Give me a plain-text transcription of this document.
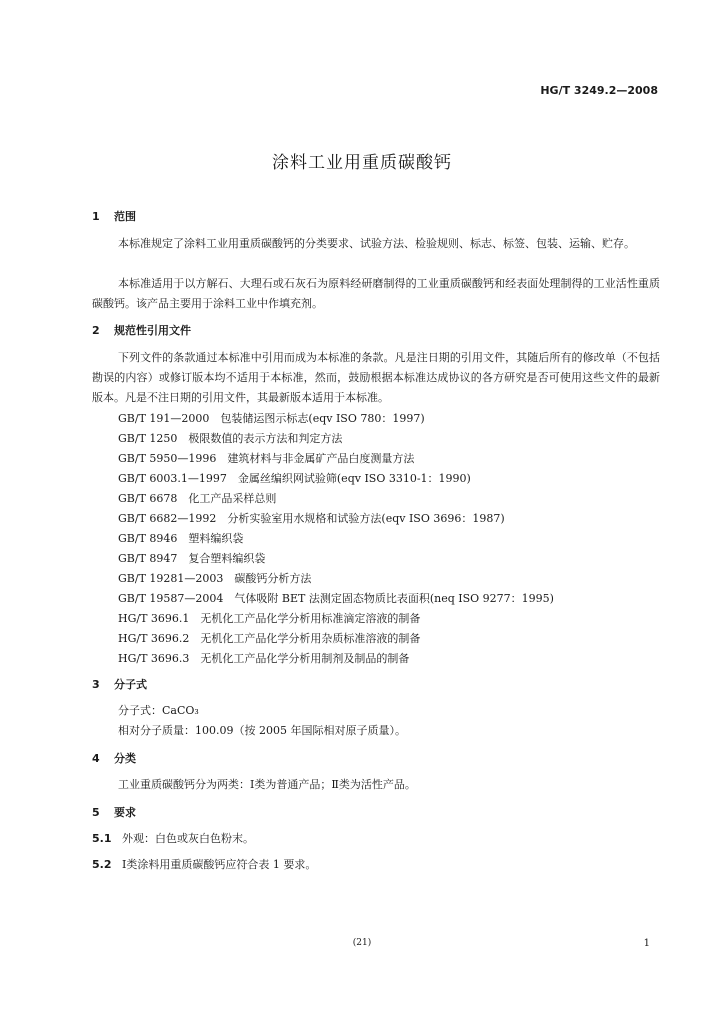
HG/T 3249.2—2008
涂料工业用重质碳酸钙
1 范围
本标准规定了涂料工业用重质碳酸钙的分类要求、试验方法、检验规则、标志、标签、包装、运输、贮存。
本标准适用于以方解石、大理石或石灰石为原料经研磨制得的工业重质碳酸钙和经表面处理制得的工业活性重质碳酸钙。该产品主要用于涂料工业中作填充剂。
2 规范性引用文件
下列文件的条款通过本标准中引用而成为本标准的条款。凡是注日期的引用文件，其随后所有的修改单（不包括勘误的内容）或修订版本均不适用于本标准，然而，鼓励根据本标准达成协议的各方研究是否可使用这些文件的最新版本。凡是不注日期的引用文件，其最新版本适用于本标准。
GB/T 191—2000　包装储运图示标志(eqv ISO 780：1997)
GB/T 1250　极限数值的表示方法和判定方法
GB/T 5950—1996　建筑材料与非金属矿产品白度测量方法
GB/T 6003.1—1997　金属丝编织网试验筛(eqv ISO 3310-1：1990)
GB/T 6678　化工产品采样总则
GB/T 6682—1992　分析实验室用水规格和试验方法(eqv ISO 3696：1987)
GB/T 8946　塑料编织袋
GB/T 8947　复合塑料编织袋
GB/T 19281—2003　碳酸钙分析方法
GB/T 19587—2004　气体吸附 BET 法测定固态物质比表面积(neq ISO 9277：1995)
HG/T 3696.1　无机化工产品化学分析用标准滴定溶液的制备
HG/T 3696.2　无机化工产品化学分析用杂质标准溶液的制备
HG/T 3696.3　无机化工产品化学分析用制剂及制品的制备
3 分子式
分子式：CaCO₃
相对分子质量：100.09（按 2005 年国际相对原子质量）。
4 分类
工业重质碳酸钙分为两类：Ⅰ类为普通产品；Ⅱ类为活性产品。
5 要求
5.1 外观：白色或灰白色粉末。
5.2 Ⅰ类涂料用重质碳酸钙应符合表 1 要求。
(21)	1
